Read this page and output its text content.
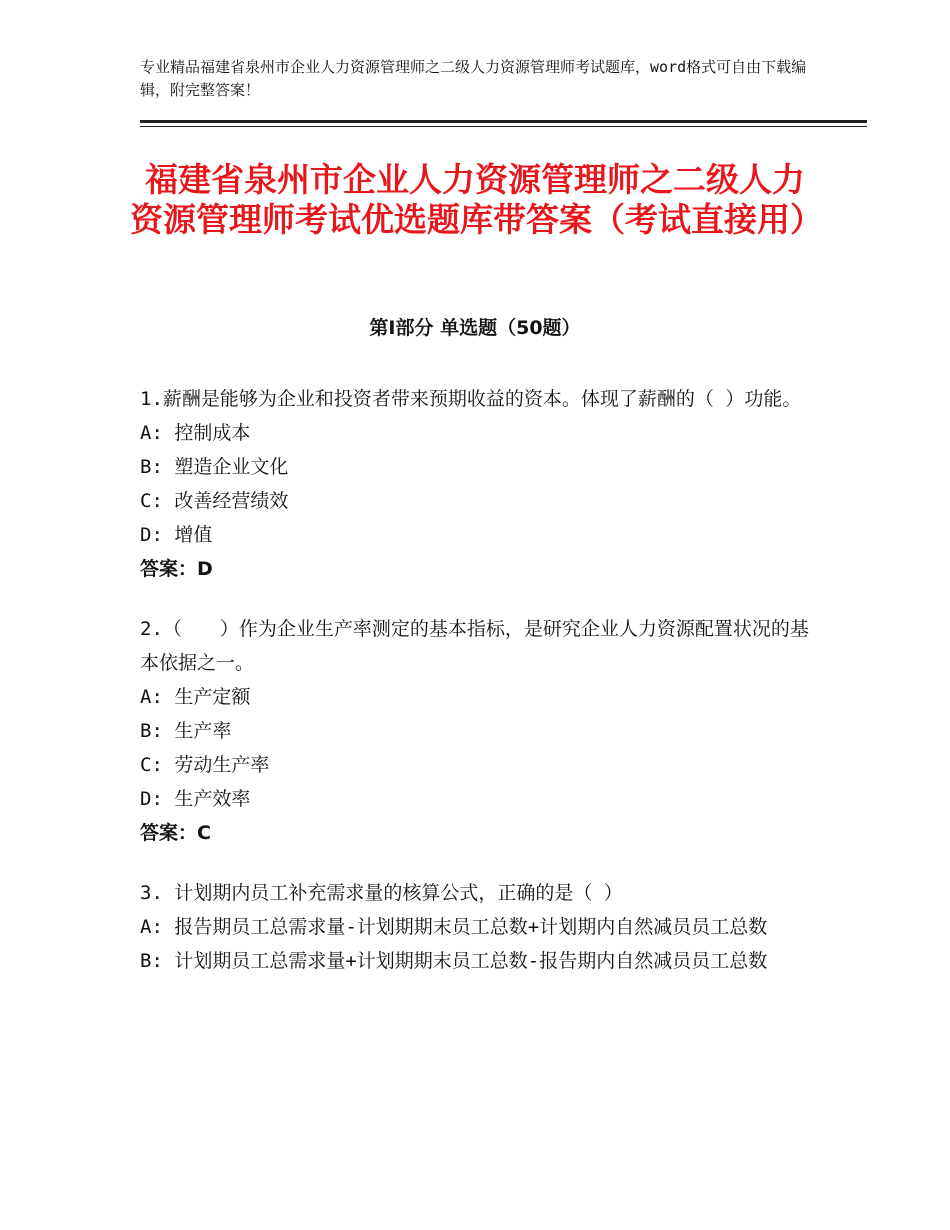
专业精品福建省泉州市企业人力资源管理师之二级人力资源管理师考试题库，word格式可自由下载编辑，附完整答案！
福建省泉州市企业人力资源管理师之二级人力资源管理师考试优选题库带答案（考试直接用）
第Ⅰ部分 单选题（50题）
1.薪酬是能够为企业和投资者带来预期收益的资本。体现了薪酬的（ ）功能。
A: 控制成本
B: 塑造企业文化
C: 改善经营绩效
D: 增值
答案：D
2.（　　）作为企业生产率测定的基本指标，是研究企业人力资源配置状况的基本依据之一。
A: 生产定额
B: 生产率
C: 劳动生产率
D: 生产效率
答案：C
3. 计划期内员工补充需求量的核算公式，正确的是（ ）
A: 报告期员工总需求量-计划期期末员工总数+计划期内自然减员员工总数
B: 计划期员工总需求量+计划期期末员工总数-报告期内自然减员员工总数
